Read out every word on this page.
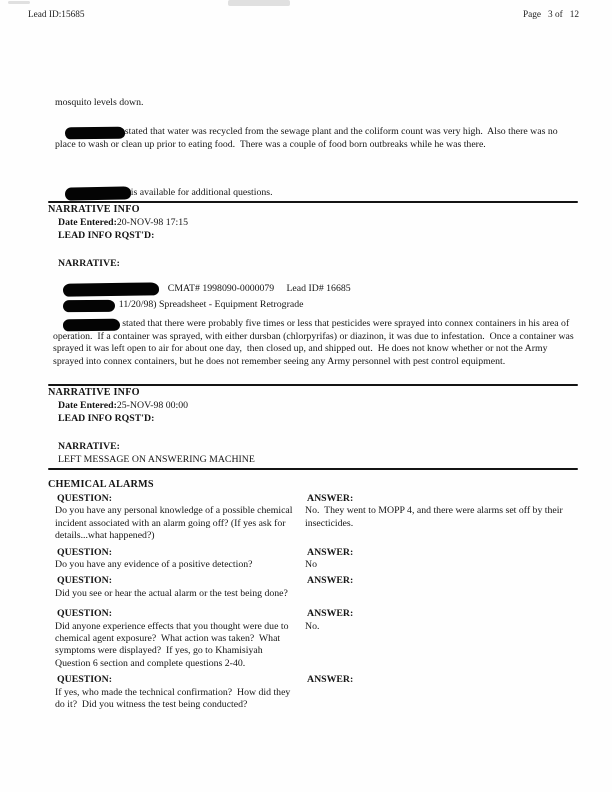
Lead ID:15685	Page   3 of   12
mosquito levels down.

stated that water was recycled from the sewage plant and the coliform count was very high.  Also there was no place to wash or clean up prior to eating food.  There was a couple of food born outbreaks while he was there.

is available for additional questions.

NARRATIVE INFO
Date Entered:20-NOV-98 17:15
LEAD INFO RQST'D:
NARRATIVE:

CMAT# 1998090-0000079     Lead ID# 16685

11/20/98) Spreadsheet - Equipment Retrograde

stated that there were probably five times or less that pesticides were sprayed into connex containers in his area of operation.  If a container was sprayed, with either dursban (chlorpyrifas) or diazinon, it was due to infestation.  Once a container was sprayed it was left open to air for about one day,  then closed up, and shipped out.  He does not know whether or not the Army sprayed into connex containers, but he does not remember seeing any Army personnel with pest control equipment.

NARRATIVE INFO
Date Entered:25-NOV-98 00:00
LEAD INFO RQST'D:
NARRATIVE:
LEFT MESSAGE ON ANSWERING MACHINE
CHEMICAL ALARMS
QUESTION:
Do you have any personal knowledge of a possible chemical incident associated with an alarm going off? (If yes ask for details...what happened?)
ANSWER:
No.  They went to MOPP 4, and there were alarms set off by their insecticides.
QUESTION:
Do you have any evidence of a positive detection?
ANSWER:
No
QUESTION:
Did you see or hear the actual alarm or the test being done?
ANSWER:
QUESTION:
Did anyone experience effects that you thought were due to chemical agent exposure?  What action was taken?  What symptoms were displayed?  If yes, go to Khamisiyah Question 6 section and complete questions 2-40.
ANSWER:
No.
QUESTION:
If yes, who made the technical confirmation?  How did they do it?  Did you witness the test being conducted?
ANSWER:
